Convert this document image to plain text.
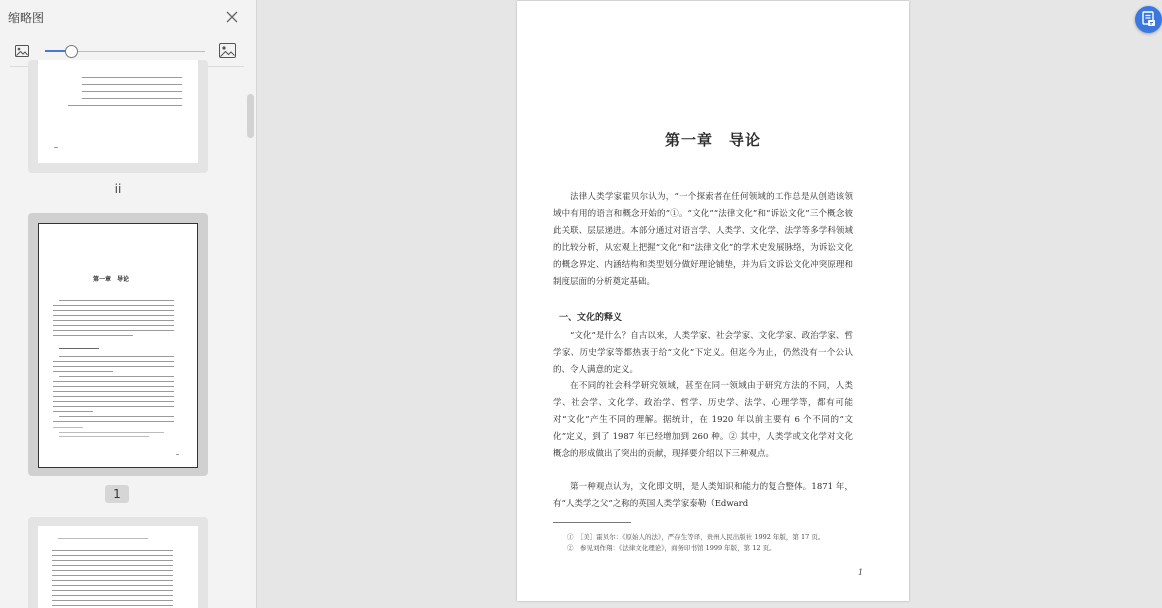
缩略图
ii
第一章　导论
1
第一章　导论
法律人类学家霍贝尔认为，“一个探索者在任何领域的工作总是从创造该领域中有用的语言和概念开始的”①。“文化”“法律文化”和“诉讼文化”三个概念彼此关联、层层递进。本部分通过对语言学、人类学、文化学、法学等多学科领域的比较分析，从宏观上把握“文化”和“法律文化”的学术史发展脉络，为诉讼文化的概念界定、内涵结构和类型划分做好理论铺垫，并为后文诉讼文化冲突原理和制度层面的分析奠定基础。
一、文化的释义
“文化”是什么？自古以来，人类学家、社会学家、文化学家、政治学家、哲学家、历史学家等都热衷于给“文化”下定义。但迄今为止，仍然没有一个公认的、令人满意的定义。
在不同的社会科学研究领域，甚至在同一领域由于研究方法的不同，人类学、社会学、文化学、政治学、哲学、历史学、法学、心理学等，都有可能对“文化”产生不同的理解。据统计，在 1920 年以前主要有 6 个不同的“文化”定义，到了 1987 年已经增加到 260 种。② 其中，人类学或文化学对文化概念的形成做出了突出的贡献，现择要介绍以下三种观点。
第一种观点认为，文化即文明，是人类知识和能力的复合整体。1871 年，有“人类学之父”之称的英国人类学家泰勒（Edward
①　［美］霍贝尔：《原始人的法》，严存生等译，贵州人民出版社 1992 年版，第 17 页。
②　参见刘作翔：《法律文化理论》，商务印书馆 1999 年版，第 12 页。
1
